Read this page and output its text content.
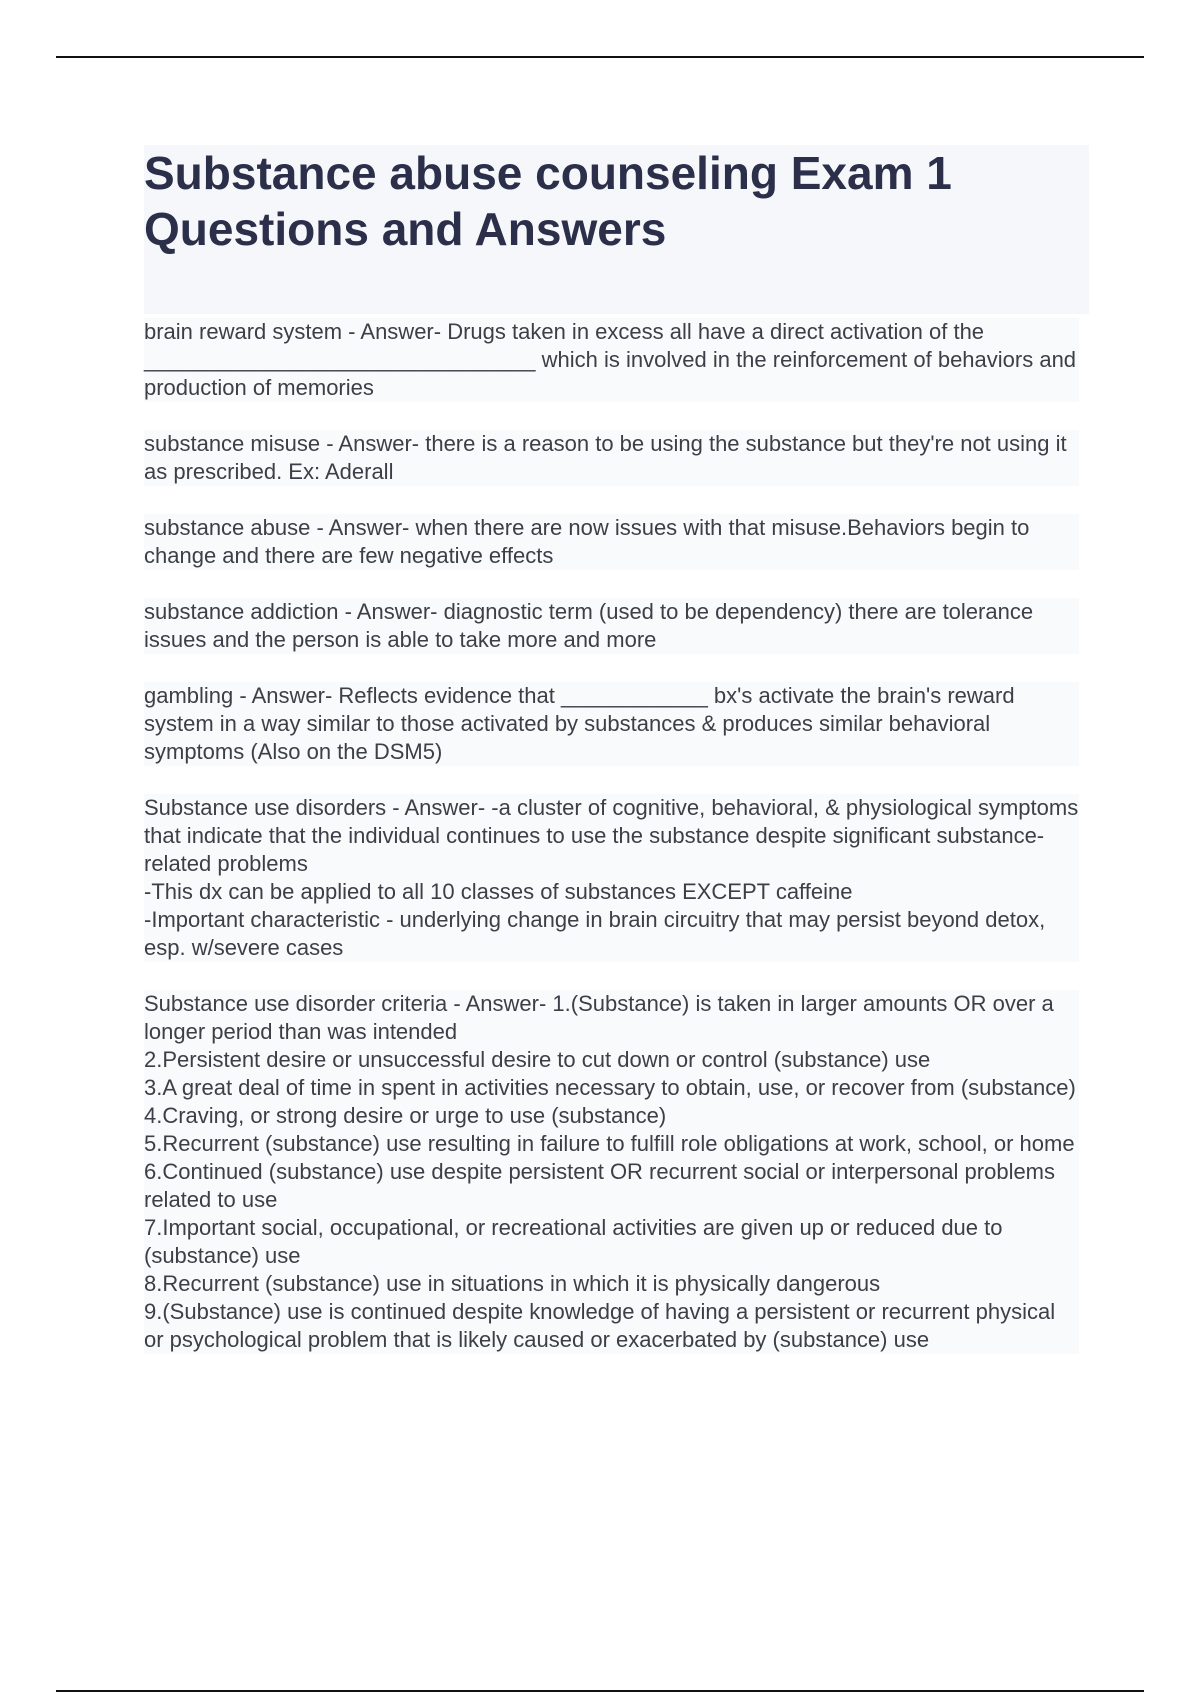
Substance abuse counseling Exam 1 Questions and Answers

brain reward system - Answer- Drugs taken in excess all have a direct activation of the ________________________________ which is involved in the reinforcement of behaviors and production of memories

substance misuse - Answer- there is a reason to be using the substance but they're not using it as prescribed. Ex: Aderall

substance abuse - Answer- when there are now issues with that misuse.Behaviors begin to change and there are few negative effects

substance addiction - Answer- diagnostic term (used to be dependency) there are tolerance issues and the person is able to take more and more

gambling - Answer- Reflects evidence that ____________ bx's activate the brain's reward system in a way similar to those activated by substances & produces similar behavioral symptoms (Also on the DSM5)

Substance use disorders - Answer- -a cluster of cognitive, behavioral, & physiological symptoms that indicate that the individual continues to use the substance despite significant substance-related problems
-This dx can be applied to all 10 classes of substances EXCEPT caffeine
-Important characteristic - underlying change in brain circuitry that may persist beyond detox, esp. w/severe cases

Substance use disorder criteria - Answer- 1.(Substance) is taken in larger amounts OR over a longer period than was intended
2.Persistent desire or unsuccessful desire to cut down or control (substance) use
3.A great deal of time in spent in activities necessary to obtain, use, or recover from (substance)
4.Craving, or strong desire or urge to use (substance)
5.Recurrent (substance) use resulting in failure to fulfill role obligations at work, school, or home
6.Continued (substance) use despite persistent OR recurrent social or interpersonal problems related to use
7.Important social, occupational, or recreational activities are given up or reduced due to (substance) use
8.Recurrent (substance) use in situations in which it is physically dangerous
9.(Substance) use is continued despite knowledge of having a persistent or recurrent physical or psychological problem that is likely caused or exacerbated by (substance) use
